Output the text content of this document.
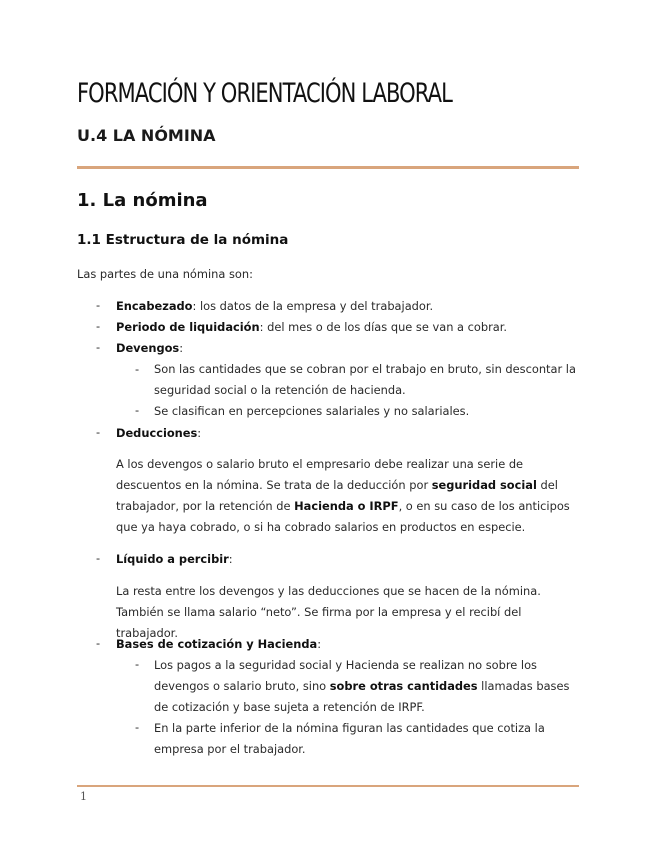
FORMACIÓN Y ORIENTACIÓN LABORAL
U.4 LA NÓMINA
1. La nómina
1.1 Estructura de la nómina
Las partes de una nómina son:
- Encabezado: los datos de la empresa y del trabajador.
- Periodo de liquidación: del mes o de los días que se van a cobrar.
- Devengos:
- Son las cantidades que se cobran por el trabajo en bruto, sin descontar la seguridad social o la retención de hacienda.
- Se clasifican en percepciones salariales y no salariales.
- Deducciones:
A los devengos o salario bruto el empresario debe realizar una serie de descuentos en la nómina. Se trata de la deducción por seguridad social del trabajador, por la retención de Hacienda o IRPF, o en su caso de los anticipos que ya haya cobrado, o si ha cobrado salarios en productos en especie.
- Líquido a percibir:
La resta entre los devengos y las deducciones que se hacen de la nómina. También se llama salario “neto”. Se firma por la empresa y el recibí del trabajador.
- Bases de cotización y Hacienda:
- Los pagos a la seguridad social y Hacienda se realizan no sobre los devengos o salario bruto, sino sobre otras cantidades llamadas bases de cotización y base sujeta a retención de IRPF.
- En la parte inferior de la nómina figuran las cantidades que cotiza la empresa por el trabajador.
1
